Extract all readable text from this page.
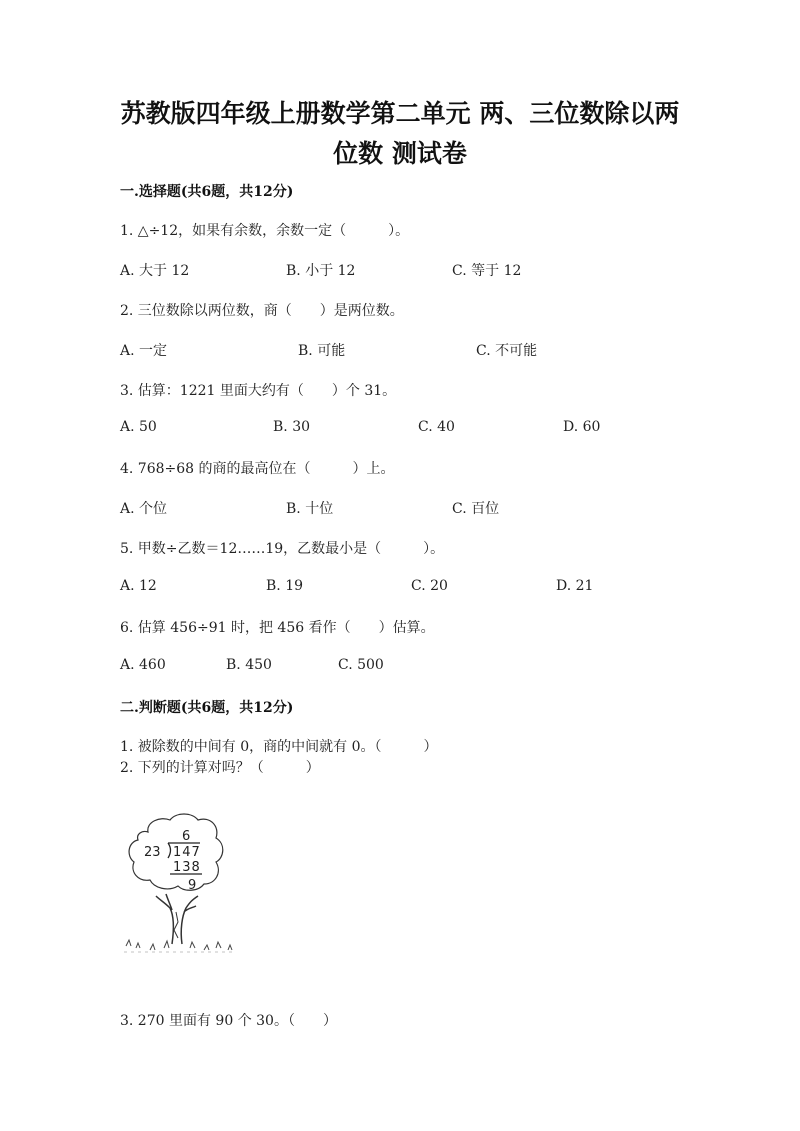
苏教版四年级上册数学第二单元 两、三位数除以两
位数 测试卷
一.选择题(共6题，共12分)
1. △÷12，如果有余数，余数一定（　　　）。
A. 大于 12	B. 小于 12	C. 等于 12
2. 三位数除以两位数，商（　　）是两位数。
A. 一定	B. 可能	C. 不可能
3. 估算：1221 里面大约有（　　）个 31。
A. 50	B. 30	C. 40	D. 60
4. 768÷68 的商的最高位在（　　　）上。
A. 个位	B. 十位	C. 百位
5. 甲数÷乙数＝12……19，乙数最小是（　　　）。
A. 12	B. 19	C. 20	D. 21
6. 估算 456÷91 时，把 456 看作（　　）估算。
A. 460	B. 450	C. 500
二.判断题(共6题，共12分)
1. 被除数的中间有 0，商的中间就有 0。（　　　）
2. 下列的计算对吗？（　　　）
6
23 147
138
9
3. 270 里面有 90 个 30。（　　）
